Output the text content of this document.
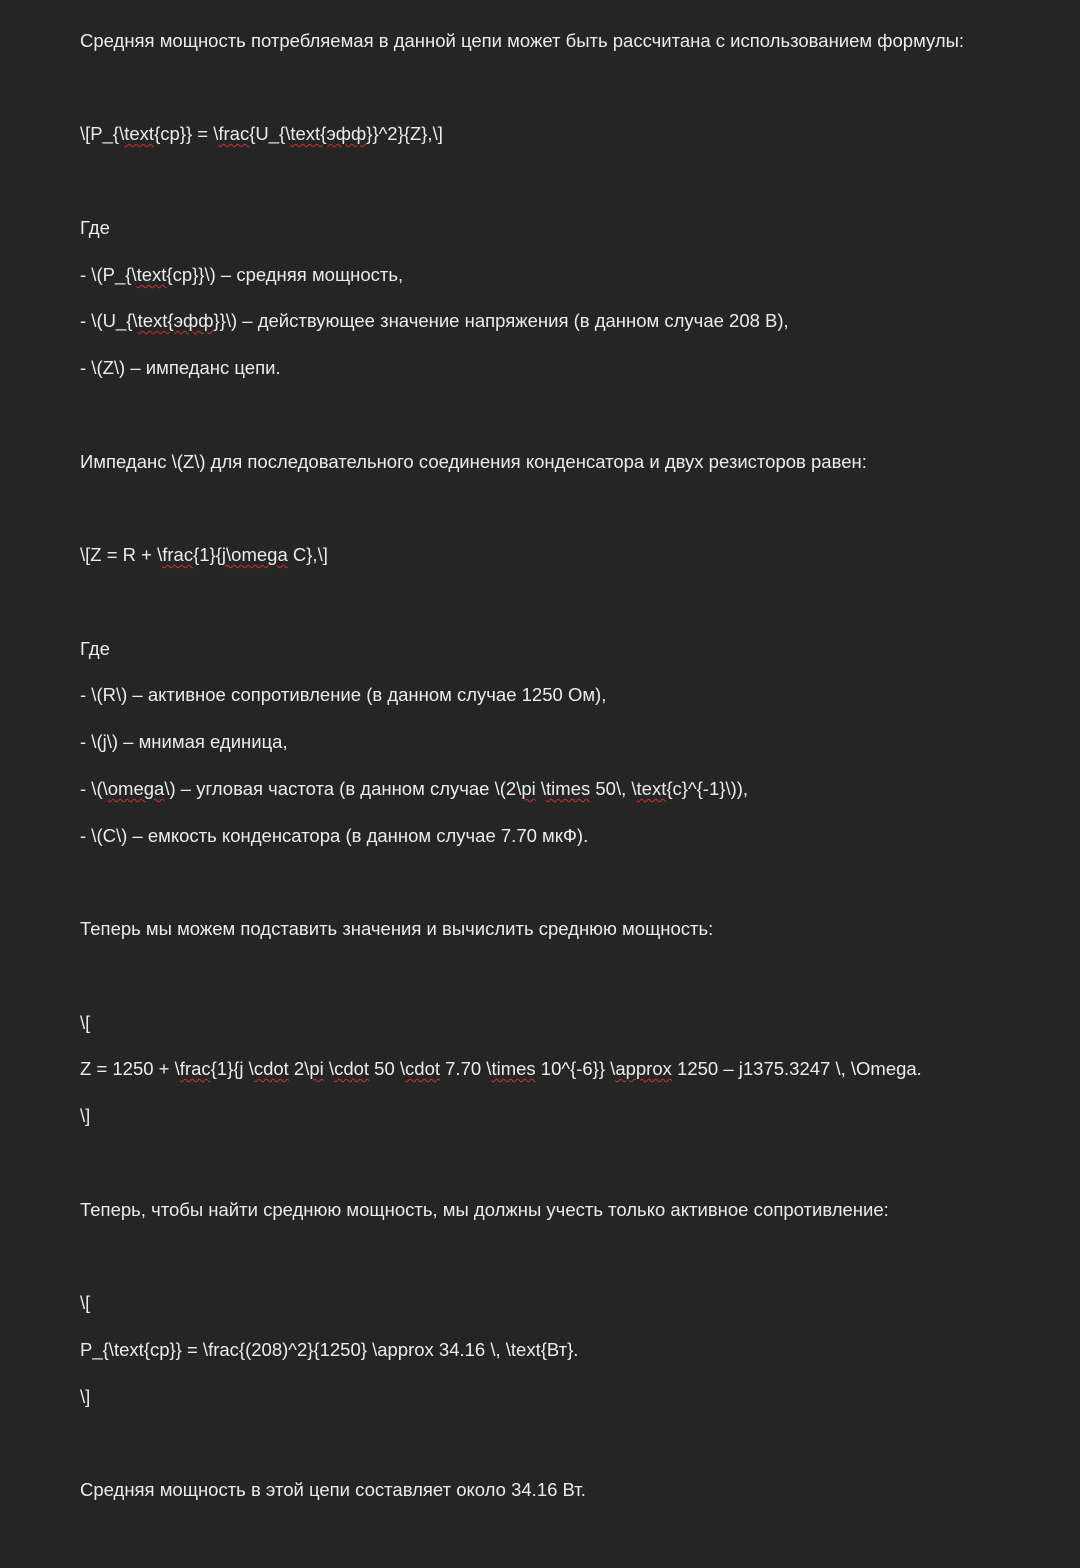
Средняя мощность потребляемая в данной цепи может быть рассчитана с использованием формулы:
\[P_{\text{ср}} = \frac{U_{\text{эфф}}^2}{Z},\]
Где
- \(P_{\text{ср}}\) – средняя мощность,
- \(U_{\text{эфф}}\) – действующее значение напряжения (в данном случае 208 В),
- \(Z\) – импеданс цепи.
Импеданс \(Z\) для последовательного соединения конденсатора и двух резисторов равен:
\[Z = R + \frac{1}{j\omega C},\]
Где
- \(R\) – активное сопротивление (в данном случае 1250 Ом),
- \(j\) – мнимая единица,
- \(\omega\) – угловая частота (в данном случае \(2\pi \times 50\, \text{с}^{-1}\)),
- \(C\) – емкость конденсатора (в данном случае 7.70 мкФ).
Теперь мы можем подставить значения и вычислить среднюю мощность:
\[
Z = 1250 + \frac{1}{j \cdot 2\pi \cdot 50 \cdot 7.70 \times 10^{-6}} \approx 1250 – j1375.3247 \, \Omega.
\]
Теперь, чтобы найти среднюю мощность, мы должны учесть только активное сопротивление:
\[
P_{\text{ср}} = \frac{(208)^2}{1250} \approx 34.16 \, \text{Вт}.
\]
Средняя мощность в этой цепи составляет около 34.16 Вт.
